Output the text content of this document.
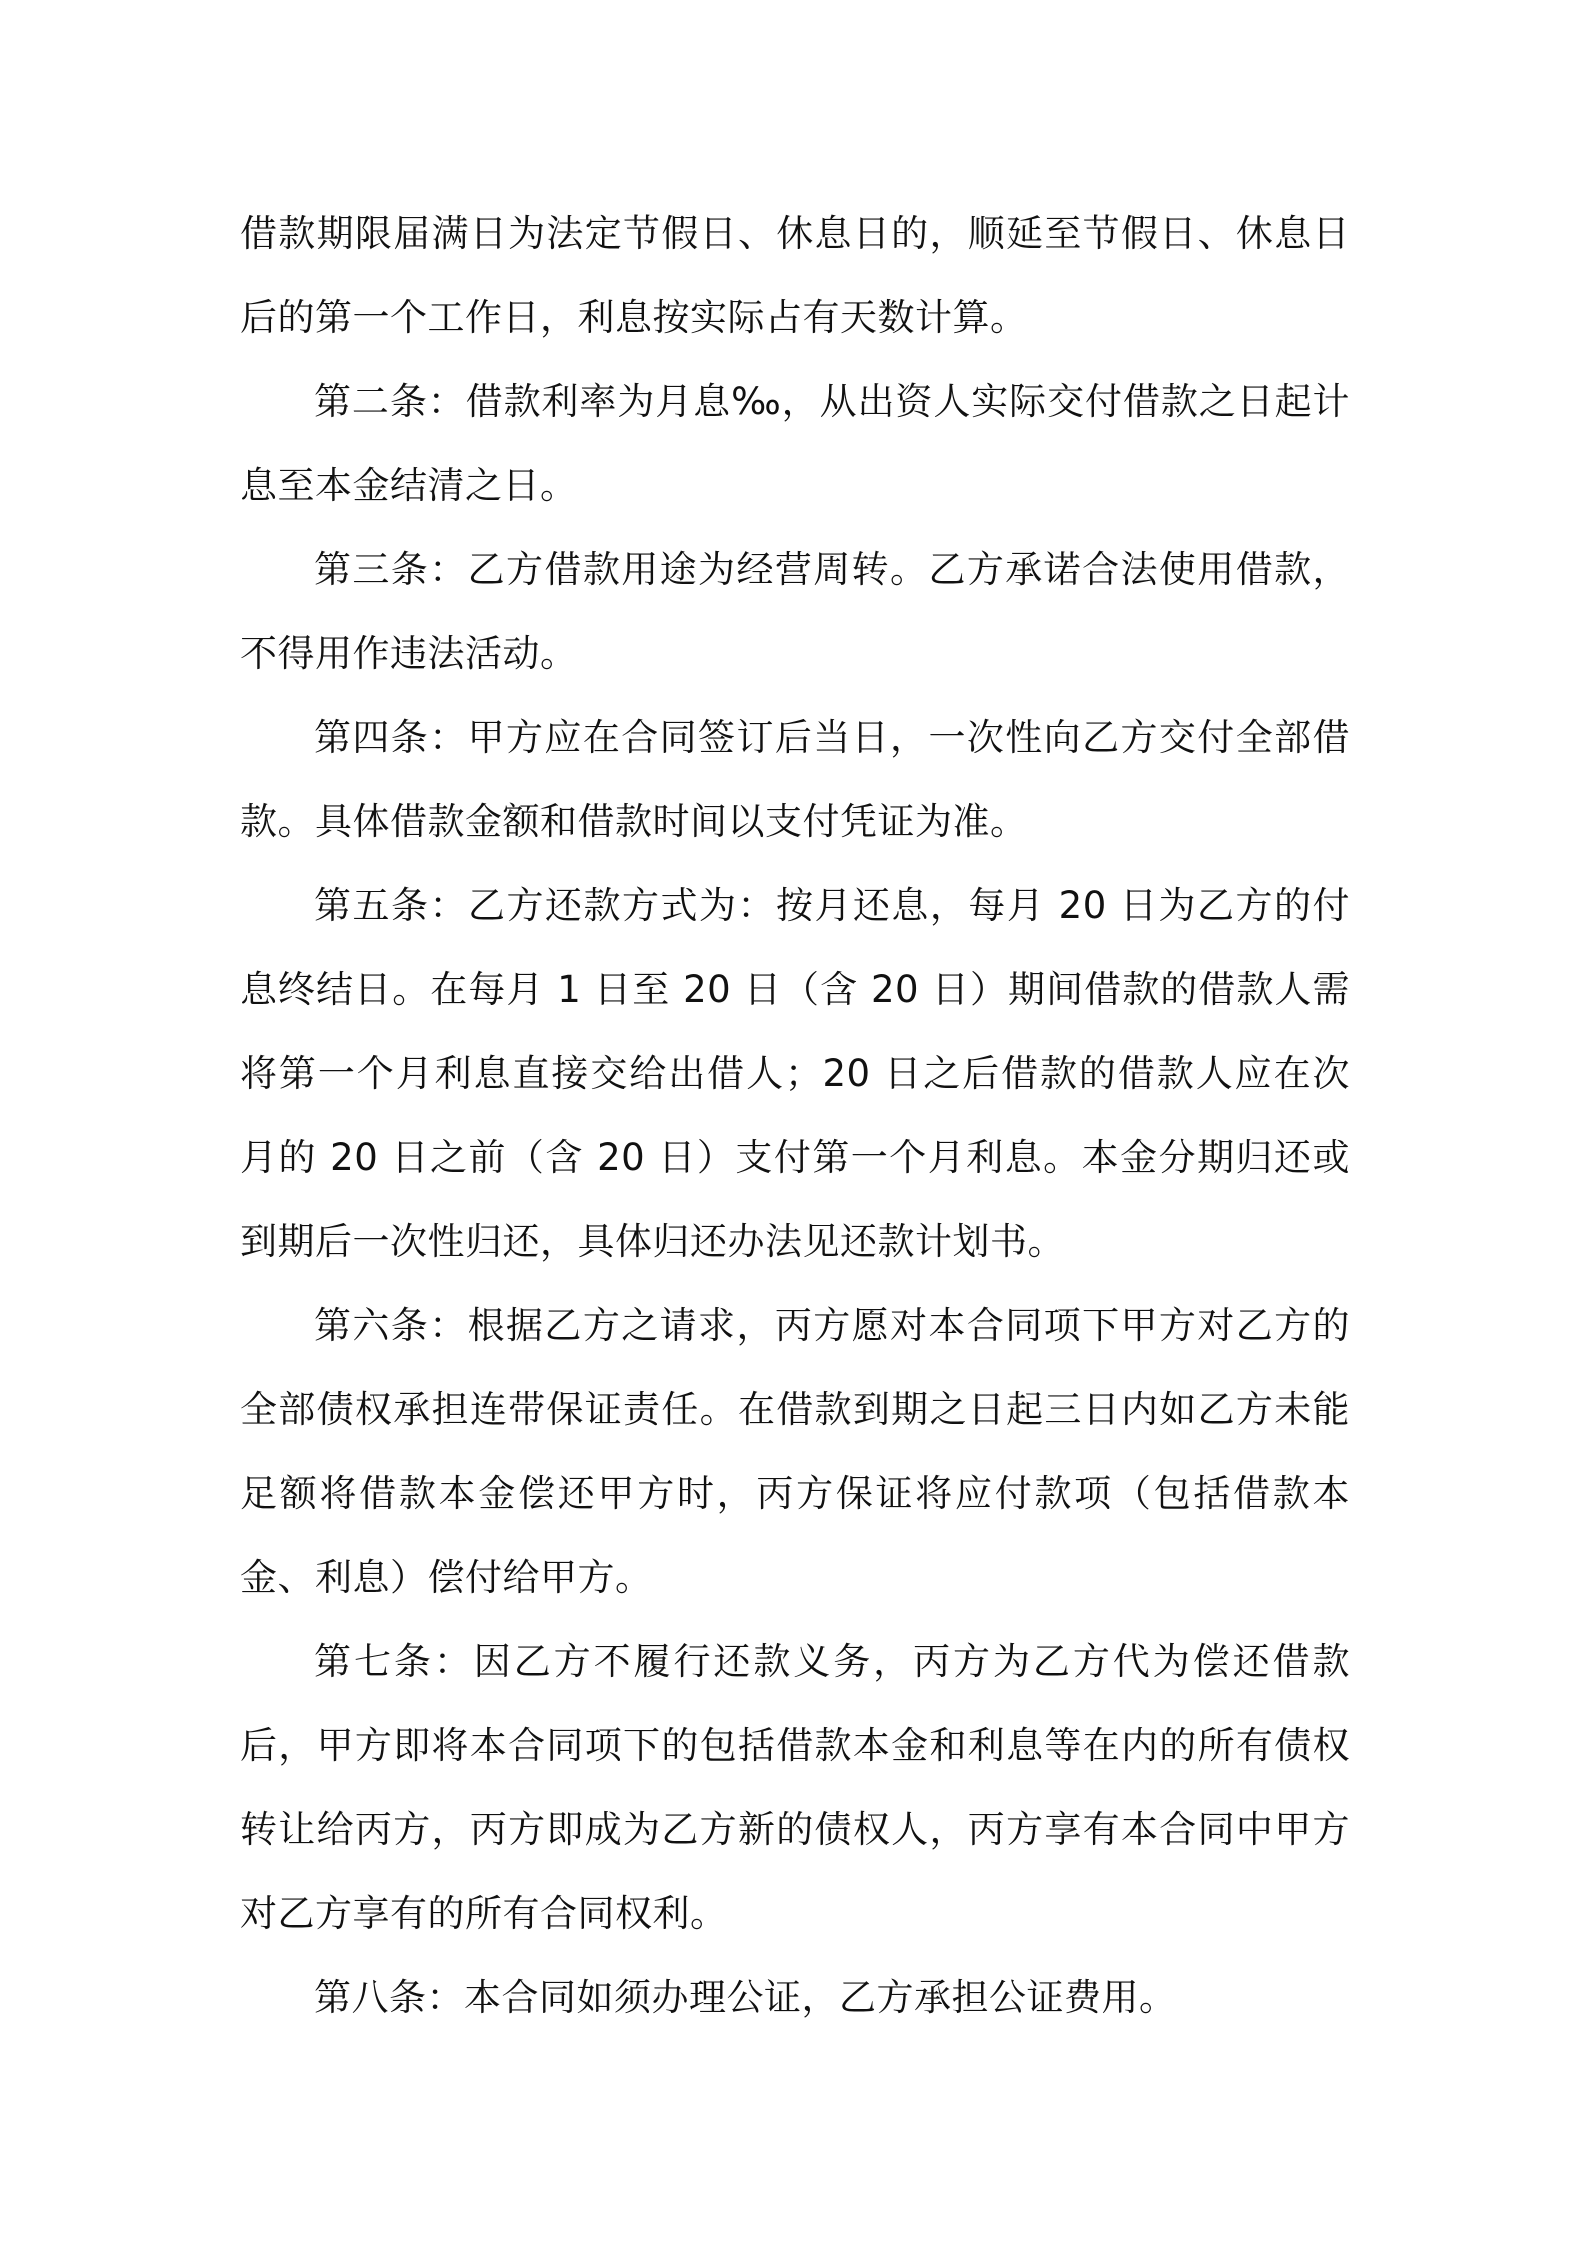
借款期限届满日为法定节假日、休息日的，顺延至节假日、休息日后的第一个工作日，利息按实际占有天数计算。

第二条：借款利率为月息‰，从出资人实际交付借款之日起计息至本金结清之日。

第三条：乙方借款用途为经营周转。乙方承诺合法使用借款，不得用作违法活动。

第四条：甲方应在合同签订后当日，一次性向乙方交付全部借款。具体借款金额和借款时间以支付凭证为准。

第五条：乙方还款方式为：按月还息，每月 20 日为乙方的付息终结日。在每月 1 日至 20 日（含 20 日）期间借款的借款人需将第一个月利息直接交给出借人；20 日之后借款的借款人应在次月的 20 日之前（含 20 日）支付第一个月利息。本金分期归还或到期后一次性归还，具体归还办法见还款计划书。

第六条：根据乙方之请求，丙方愿对本合同项下甲方对乙方的全部债权承担连带保证责任。在借款到期之日起三日内如乙方未能足额将借款本金偿还甲方时，丙方保证将应付款项（包括借款本金、利息）偿付给甲方。

第七条：因乙方不履行还款义务，丙方为乙方代为偿还借款后，甲方即将本合同项下的包括借款本金和利息等在内的所有债权转让给丙方，丙方即成为乙方新的债权人，丙方享有本合同中甲方对乙方享有的所有合同权利。

第八条：本合同如须办理公证，乙方承担公证费用。
